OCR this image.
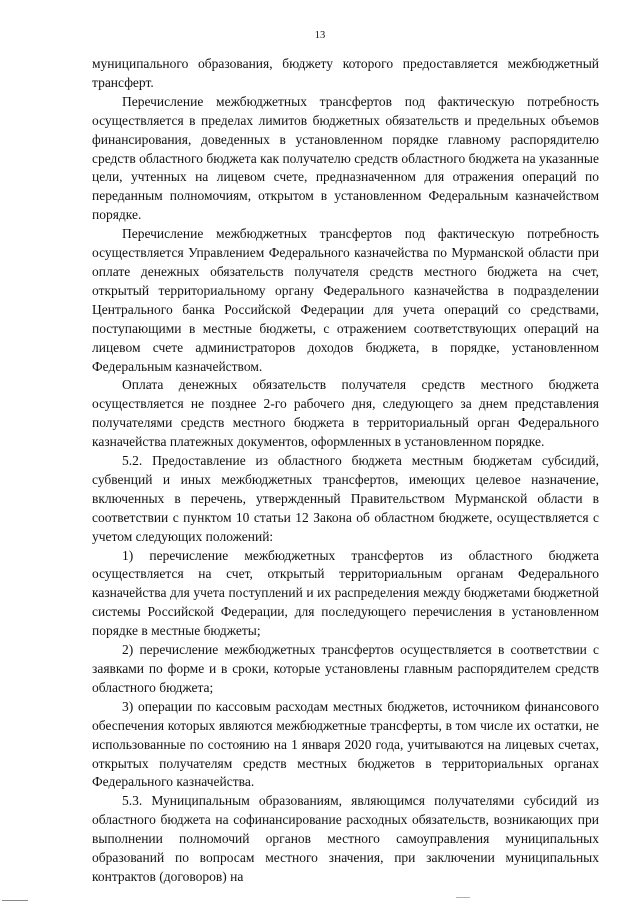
13

муниципального образования, бюджету которого предоставляется межбюджетный трансферт.

Перечисление межбюджетных трансфертов под фактическую потребность осуществляется в пределах лимитов бюджетных обязательств и предельных объемов финансирования, доведенных в установленном порядке главному распорядителю средств областного бюджета как получателю средств областного бюджета на указанные цели, учтенных на лицевом счете, предназначенном для отражения операций по переданным полномочиям, открытом в установленном Федеральным казначейством порядке.

Перечисление межбюджетных трансфертов под фактическую потребность осуществляется Управлением Федерального казначейства по Мурманской области при оплате денежных обязательств получателя средств местного бюджета на счет, открытый территориальному органу Федерального казначейства в подразделении Центрального банка Российской Федерации для учета операций со средствами, поступающими в местные бюджеты, с отражением соответствующих операций на лицевом счете администраторов доходов бюджета, в порядке, установленном Федеральным казначейством.

Оплата денежных обязательств получателя средств местного бюджета осуществляется не позднее 2-го рабочего дня, следующего за днем представления получателями средств местного бюджета в территориальный орган Федерального казначейства платежных документов, оформленных в установленном порядке.

5.2. Предоставление из областного бюджета местным бюджетам субсидий, субвенций и иных межбюджетных трансфертов, имеющих целевое назначение, включенных в перечень, утвержденный Правительством Мурманской области в соответствии с пунктом 10 статьи 12 Закона об областном бюджете, осуществляется с учетом следующих положений:

1) перечисление межбюджетных трансфертов из областного бюджета осуществляется на счет, открытый территориальным органам Федерального казначейства для учета поступлений и их распределения между бюджетами бюджетной системы Российской Федерации, для последующего перечисления в установленном порядке в местные бюджеты;

2) перечисление межбюджетных трансфертов осуществляется в соответствии с заявками по форме и в сроки, которые установлены главным распорядителем средств областного бюджета;

3) операции по кассовым расходам местных бюджетов, источником финансового обеспечения которых являются межбюджетные трансферты, в том числе их остатки, не использованные по состоянию на 1 января 2020 года, учитываются на лицевых счетах, открытых получателям средств местных бюджетов в территориальных органах Федерального казначейства.

5.3. Муниципальным образованиям, являющимся получателями субсидий из областного бюджета на софинансирование расходных обязательств, возникающих при выполнении полномочий органов местного самоуправления муниципальных образований по вопросам местного значения, при заключении муниципальных контрактов (договоров) на
